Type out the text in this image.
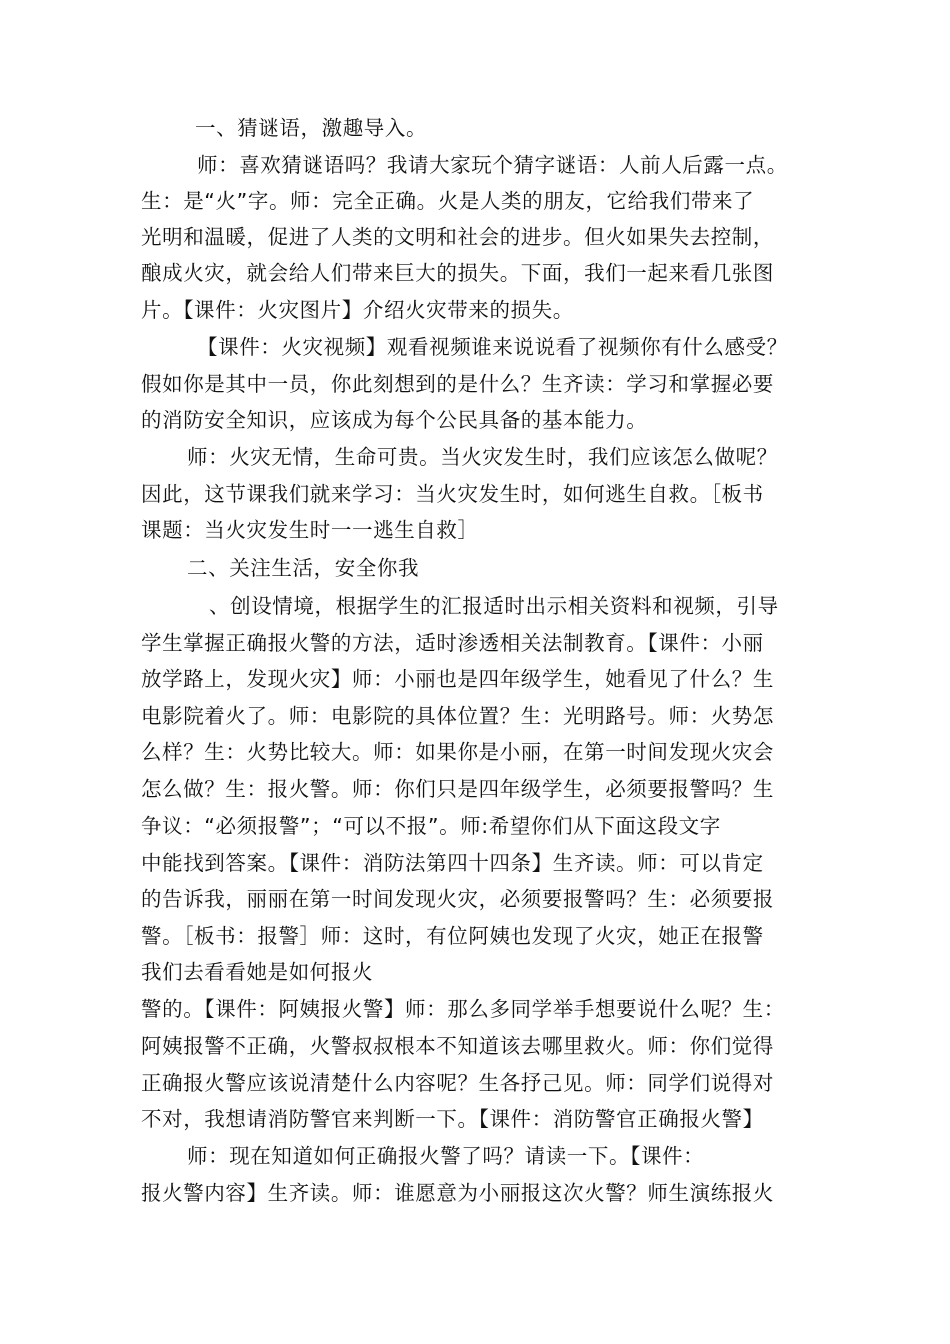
一、猜谜语，激趣导入。
师：喜欢猜谜语吗？我请大家玩个猜字谜语：人前人后露一点。
生：是“火”字。师：完全正确。火是人类的朋友，它给我们带来了
光明和温暖，促进了人类的文明和社会的进步。但火如果失去控制，
酿成火灾，就会给人们带来巨大的损失。下面，我们一起来看几张图
片。【课件：火灾图片】介绍火灾带来的损失。
【课件：火灾视频】观看视频谁来说说看了视频你有什么感受？
假如你是其中一员，你此刻想到的是什么？生齐读：学习和掌握必要
的消防安全知识，应该成为每个公民具备的基本能力。
师：火灾无情，生命可贵。当火灾发生时，我们应该怎么做呢？
因此，这节课我们就来学习：当火灾发生时，如何逃生自救。［板书
课题：当火灾发生时一一逃生自救］
二、关注生活，安全你我
、创设情境，根据学生的汇报适时出示相关资料和视频，引导
学生掌握正确报火警的方法，适时渗透相关法制教育。【课件：小丽
放学路上，发现火灾】师：小丽也是四年级学生，她看见了什么？生
电影院着火了。师：电影院的具体位置？生：光明路号。师：火势怎
么样？生：火势比较大。师：如果你是小丽，在第一时间发现火灾会
怎么做？生：报火警。师：你们只是四年级学生，必须要报警吗？生
争议：“必须报警”；“可以不报”。师:希望你们从下面这段文字
中能找到答案。【课件：消防法第四十四条】生齐读。师：可以肯定
的告诉我，丽丽在第一时间发现火灾，必须要报警吗？生：必须要报
警。［板书：报警］师：这时，有位阿姨也发现了火灾，她正在报警
我们去看看她是如何报火
警的。【课件：阿姨报火警】师：那么多同学举手想要说什么呢？生：
阿姨报警不正确，火警叔叔根本不知道该去哪里救火。师：你们觉得
正确报火警应该说清楚什么内容呢？生各抒己见。师：同学们说得对
不对，我想请消防警官来判断一下。【课件：消防警官正确报火警】
师：现在知道如何正确报火警了吗？请读一下。【课件：
报火警内容】生齐读。师：谁愿意为小丽报这次火警？师生演练报火
